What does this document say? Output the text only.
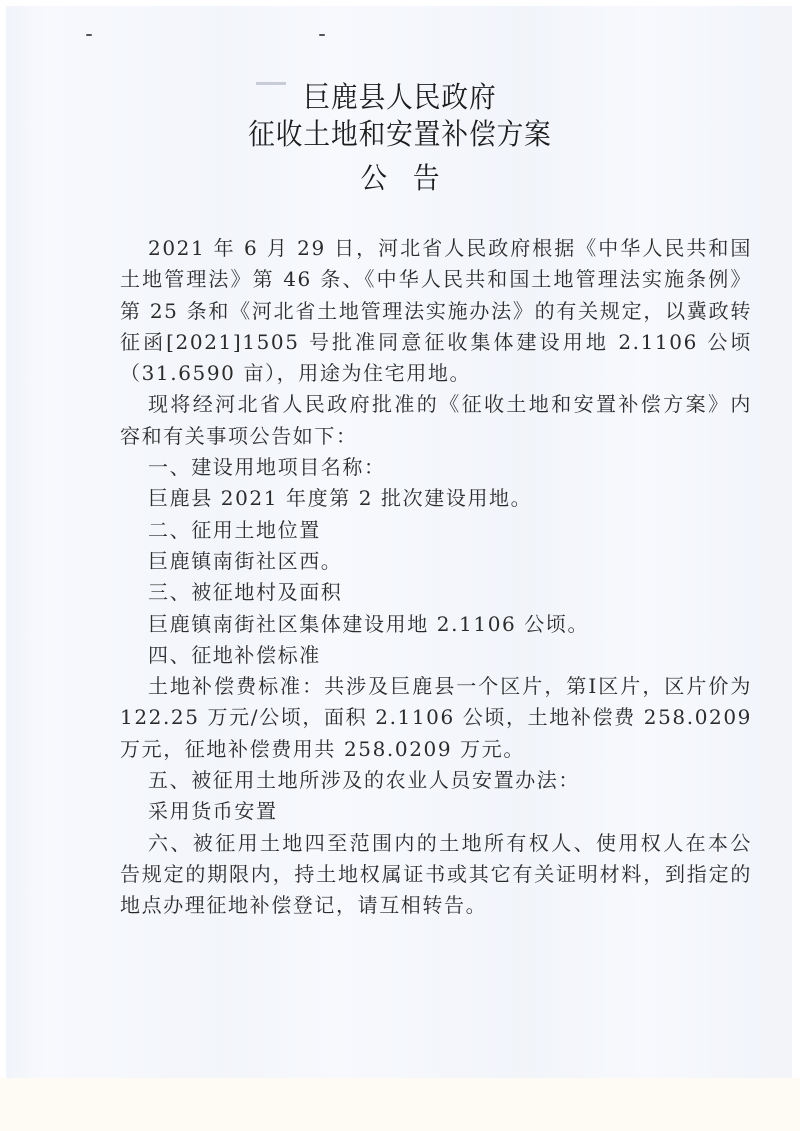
巨鹿县人民政府
征收土地和安置补偿方案
公告

2021 年 6 月 29 日，河北省人民政府根据《中华人民共和国土地管理法》第 46 条、《中华人民共和国土地管理法实施条例》第 25 条和《河北省土地管理法实施办法》的有关规定，以冀政转征函[2021]1505 号批准同意征收集体建设用地 2.1106 公顷（31.6590 亩），用途为住宅用地。

现将经河北省人民政府批准的《征收土地和安置补偿方案》内容和有关事项公告如下：

一、建设用地项目名称：

巨鹿县 2021 年度第 2 批次建设用地。

二、征用土地位置

巨鹿镇南街社区西。

三、被征地村及面积

巨鹿镇南街社区集体建设用地 2.1106 公顷。

四、征地补偿标准

土地补偿费标准：共涉及巨鹿县一个区片，第Ⅰ区片，区片价为 122.25 万元/公顷，面积 2.1106 公顷，土地补偿费 258.0209 万元，征地补偿费用共 258.0209 万元。

五、被征用土地所涉及的农业人员安置办法：

采用货币安置

六、被征用土地四至范围内的土地所有权人、使用权人在本公告规定的期限内，持土地权属证书或其它有关证明材料，到指定的地点办理征地补偿登记，请互相转告。
